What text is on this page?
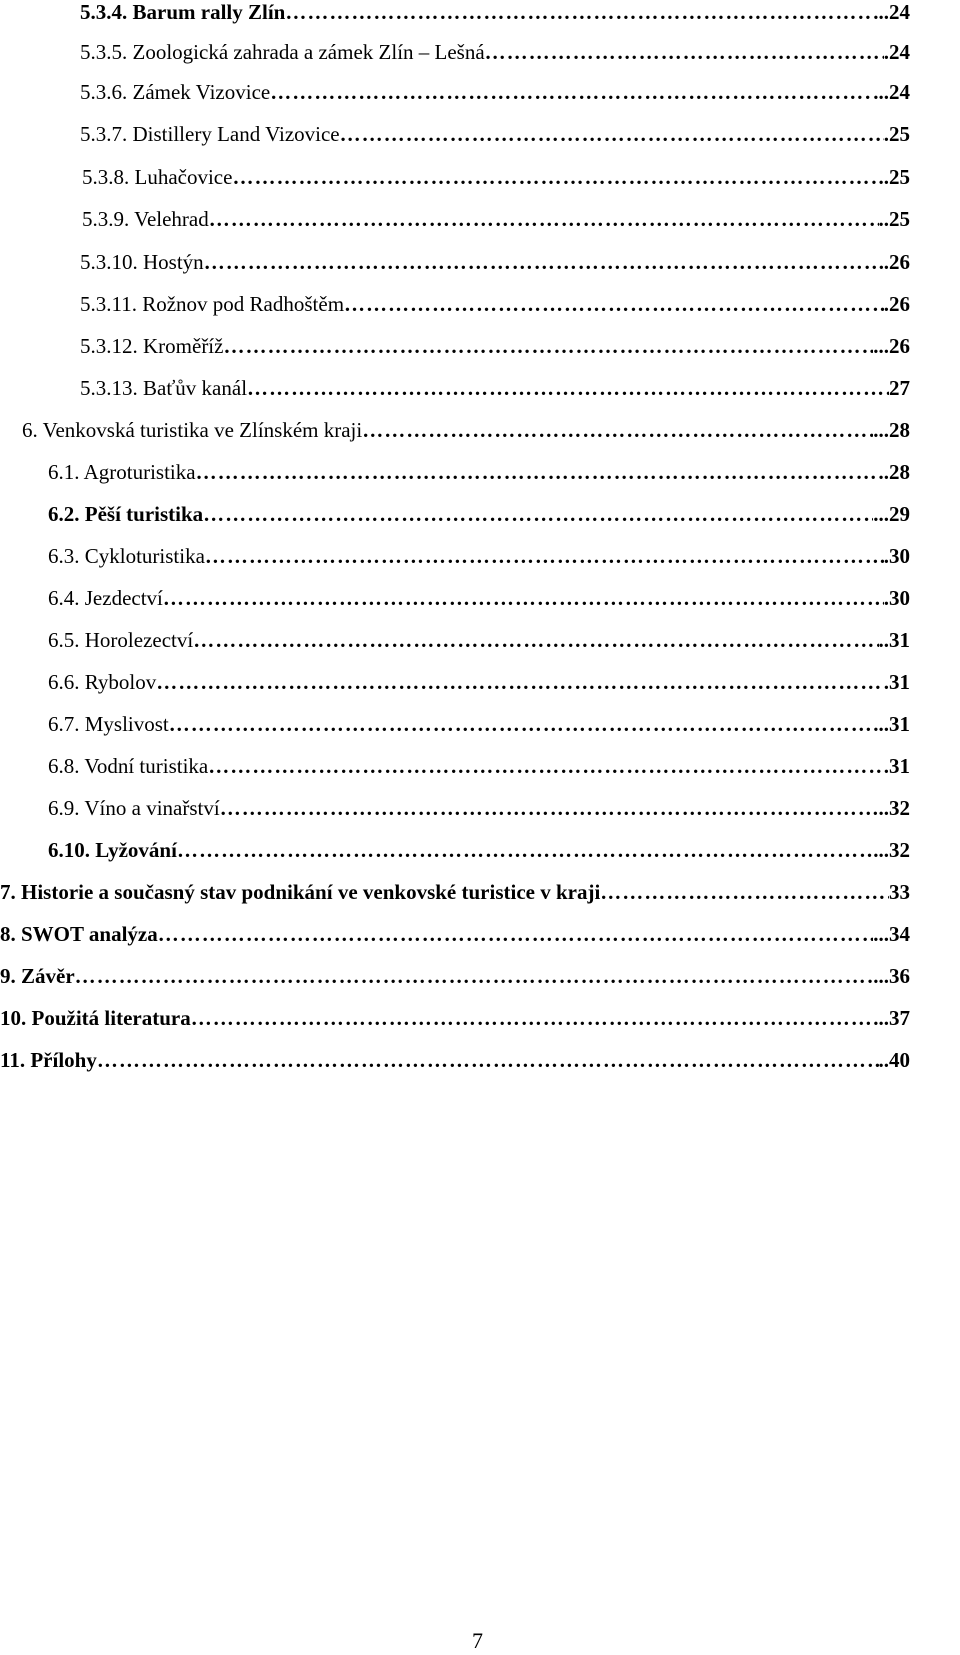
5.3.4. Barum rally Zlín ……………………………………………………………………………………………………………………………………………………………………………………………	... 24
5.3.5. Zoologická zahrada a zámek Zlín – Lešná ……………………………………………………………………………………………………………………………………………………………………………………………	. 24
5.3.6. Zámek Vizovice ……………………………………………………………………………………………………………………………………………………………………………………………	... 24
5.3.7. Distillery Land Vizovice ……………………………………………………………………………………………………………………………………………………………………………………………	. 25
5.3.8. Luhačovice ……………………………………………………………………………………………………………………………………………………………………………………………	.. 25
5.3.9. Velehrad ……………………………………………………………………………………………………………………………………………………………………………………………	.. 25
5.3.10. Hostýn ……………………………………………………………………………………………………………………………………………………………………………………………	. 26
5.3.11. Rožnov pod Radhoštěm ……………………………………………………………………………………………………………………………………………………………………………………………	. 26
5.3.12. Kroměříž ……………………………………………………………………………………………………………………………………………………………………………………………	... 26
5.3.13. Baťův kanál ……………………………………………………………………………………………………………………………………………………………………………………………	27
6. Venkovská turistika ve Zlínském kraji ……………………………………………………………………………………………………………………………………………………………………………………………	... 28
6.1. Agroturistika ……………………………………………………………………………………………………………………………………………………………………………………………	. 28
6.2. Pěší turistika ……………………………………………………………………………………………………………………………………………………………………………………………	... 29
6.3. Cykloturistika ……………………………………………………………………………………………………………………………………………………………………………………………	. 30
6.4. Jezdectví ……………………………………………………………………………………………………………………………………………………………………………………………	. 30
6.5. Horolezectví ……………………………………………………………………………………………………………………………………………………………………………………………	.. 31
6.6. Rybolov ……………………………………………………………………………………………………………………………………………………………………………………………	. 31
6.7. Myslivost ……………………………………………………………………………………………………………………………………………………………………………………………	... 31
6.8. Vodní turistika ……………………………………………………………………………………………………………………………………………………………………………………………	. 31
6.9. Víno a vinařství ……………………………………………………………………………………………………………………………………………………………………………………………	.. 32
6.10. Lyžování ……………………………………………………………………………………………………………………………………………………………………………………………	... 32
7. Historie a současný stav podnikání ve venkovské turistice v kraji ……………………………………………………………………………………………………………………………………………………………………………………………	33
8. SWOT analýza ……………………………………………………………………………………………………………………………………………………………………………………………	... 34
9. Závěr ……………………………………………………………………………………………………………………………………………………………………………………………	... 36
10. Použitá literatura ……………………………………………………………………………………………………………………………………………………………………………………………	... 37
11. Přílohy ……………………………………………………………………………………………………………………………………………………………………………………………	.. 40
7
